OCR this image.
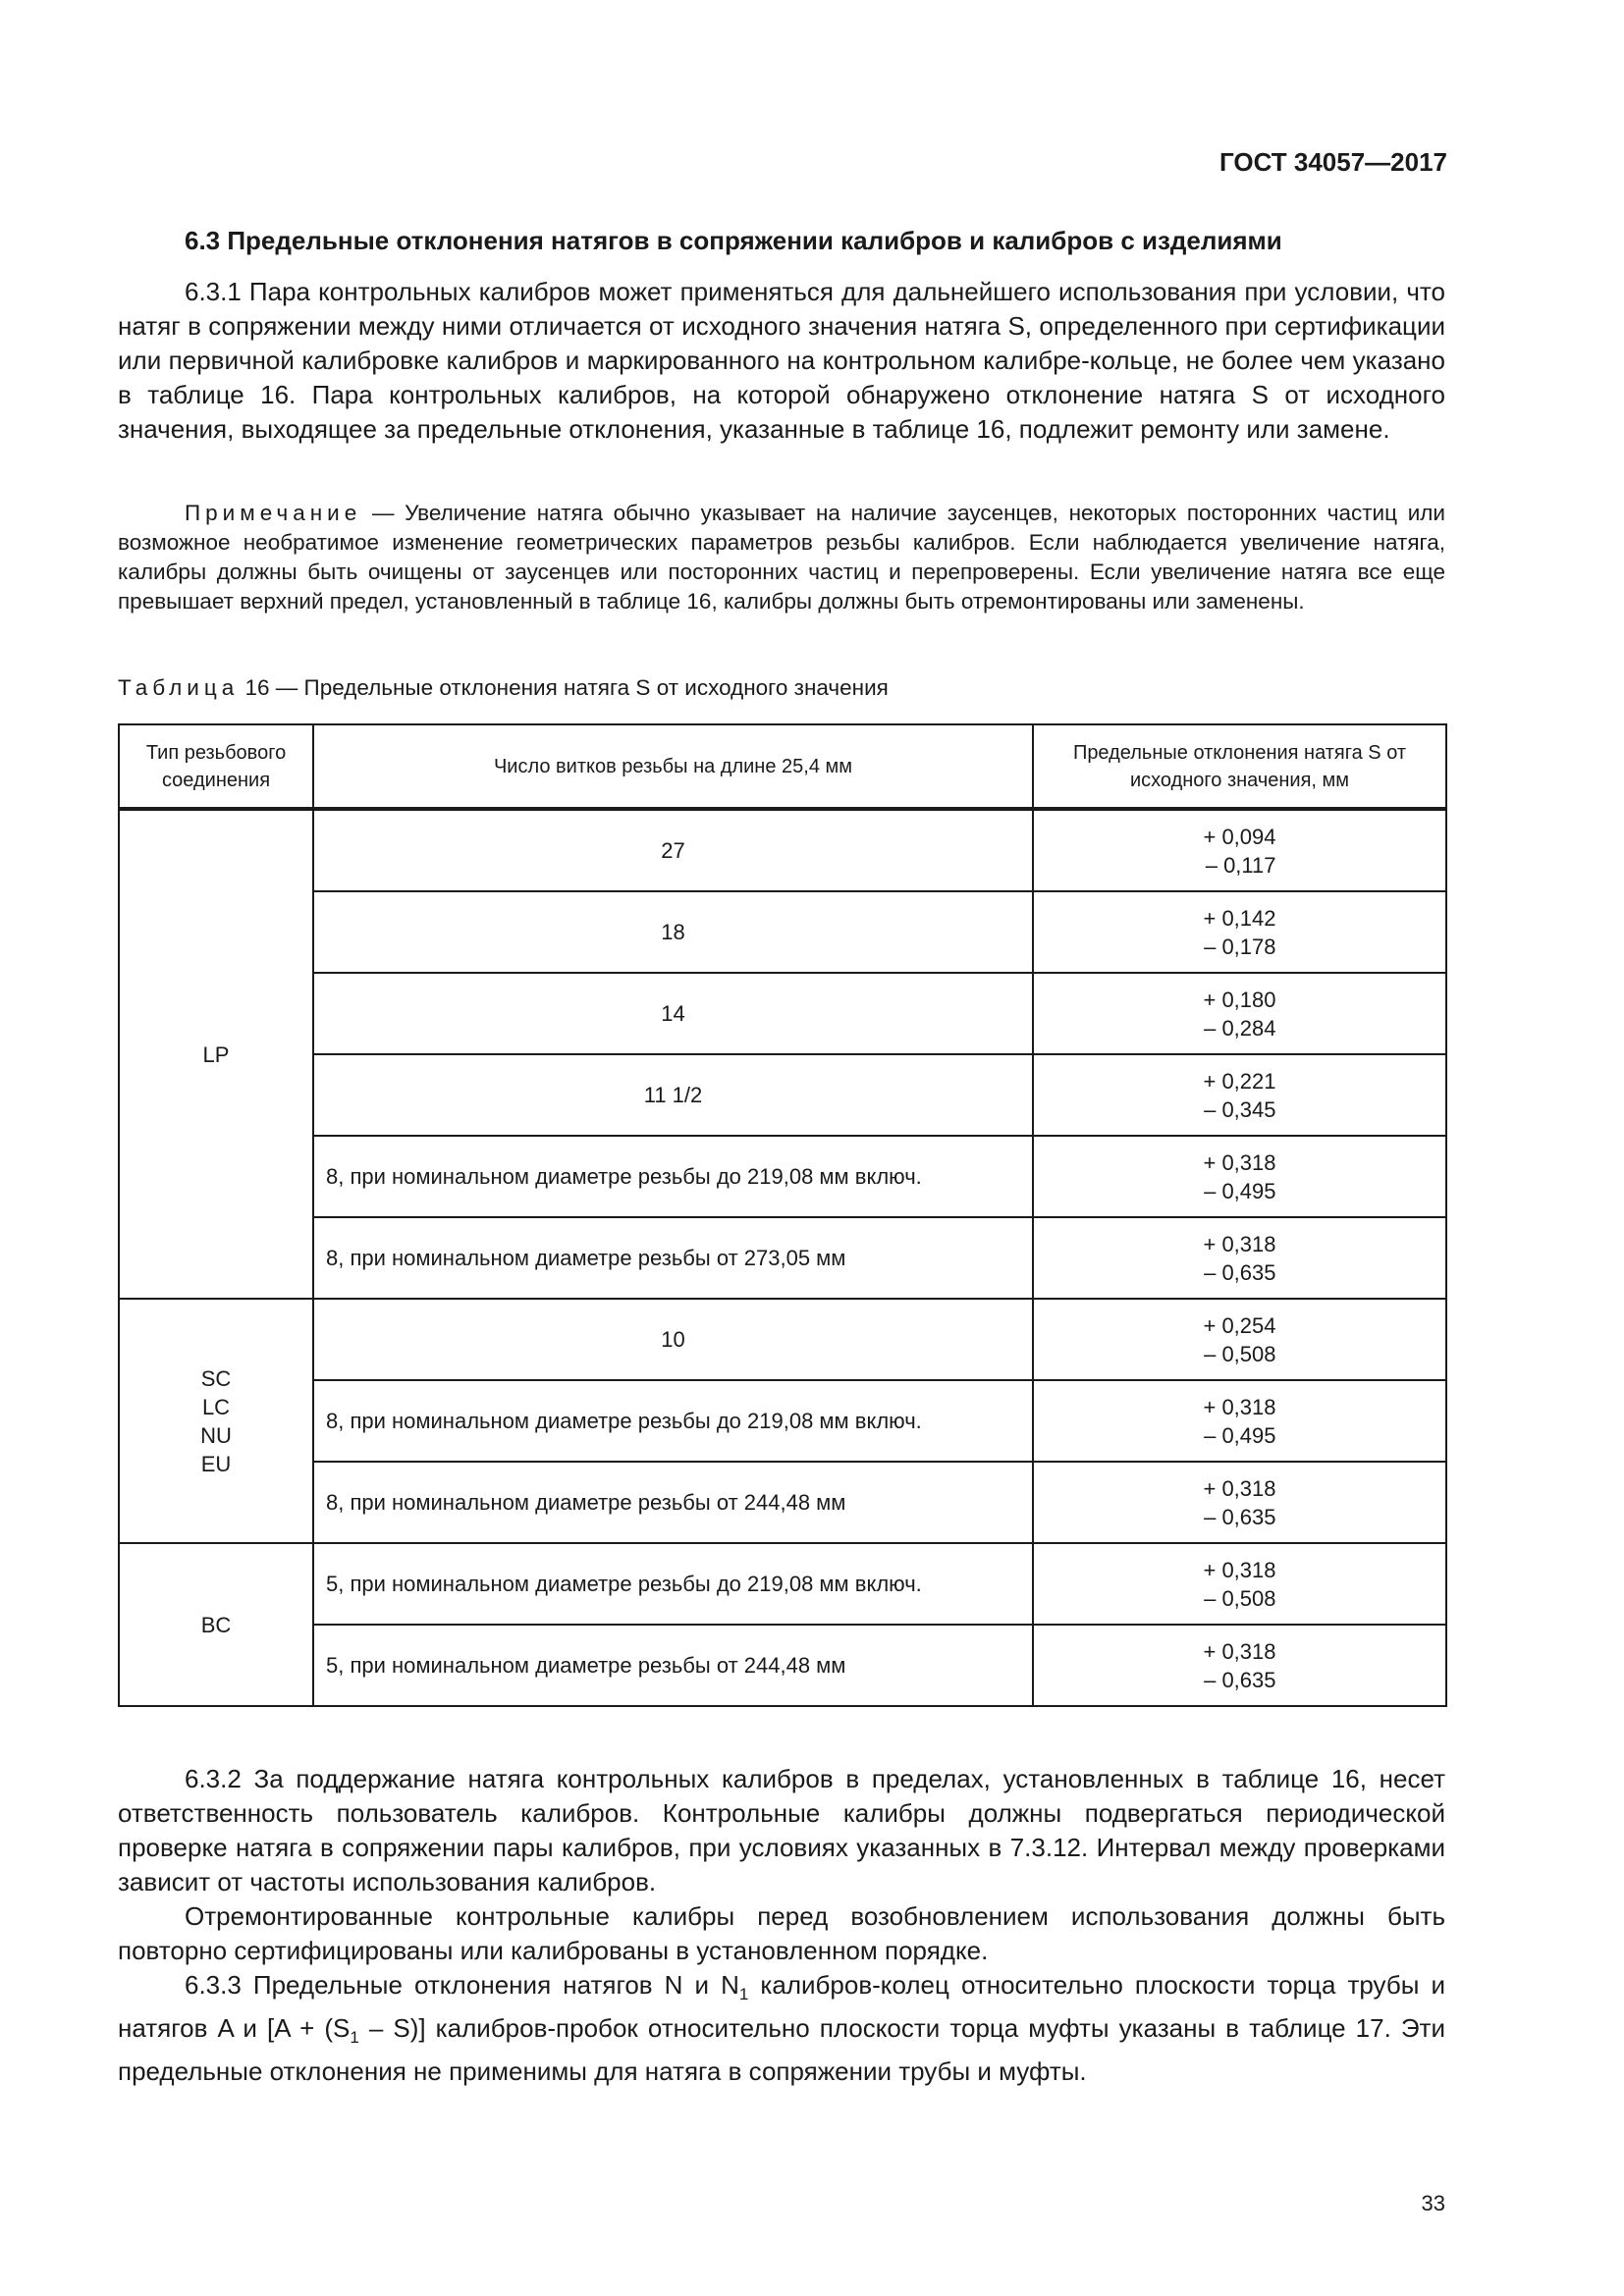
ГОСТ 34057—2017
6.3 Предельные отклонения натягов в сопряжении калибров и калибров с изделиями

6.3.1 Пара контрольных калибров может применяться для дальнейшего использования при условии, что натяг в сопряжении между ними отличается от исходного значения натяга S, определенного при сертификации или первичной калибровке калибров и маркированного на контрольном калибре-кольце, не более чем указано в таблице 16. Пара контрольных калибров, на которой обнаружено отклонение натяга S от исходного значения, выходящее за предельные отклонения, указанные в таблице 16, подлежит ремонту или замене.

Примечание — Увеличение натяга обычно указывает на наличие заусенцев, некоторых посторонних частиц или возможное необратимое изменение геометрических параметров резьбы калибров. Если наблюдается увеличение натяга, калибры должны быть очищены от заусенцев или посторонних частиц и перепроверены. Если увеличение натяга все еще превышает верхний предел, установленный в таблице 16, калибры должны быть отремонтированы или заменены.

Таблица 16 — Предельные отклонения натяга S от исходного значения
Тип резьбового соединения	Число витков резьбы на длине 25,4 мм	Предельные отклонения натяга S от исходного значения, мм

LP	27	+ 0,094
– 0,117

	18	+ 0,142
– 0,178

	14	+ 0,180
– 0,284

	11 1/2	+ 0,221
– 0,345

	8, при номинальном диаметре резьбы до 219,08 мм включ.	+ 0,318
– 0,495

	8, при номинальном диаметре резьбы от 273,05 мм	+ 0,318
– 0,635

SC
LC
NU
EU	10	+ 0,254
– 0,508

	8, при номинальном диаметре резьбы до 219,08 мм включ.	+ 0,318
– 0,495

	8, при номинальном диаметре резьбы от 244,48 мм	+ 0,318
– 0,635

BC	5, при номинальном диаметре резьбы до 219,08 мм включ.	+ 0,318
– 0,508

	5, при номинальном диаметре резьбы от 244,48 мм	+ 0,318
– 0,635

6.3.2 За поддержание натяга контрольных калибров в пределах, установленных в таблице 16, несет ответственность пользователь калибров. Контрольные калибры должны подвергаться периодической проверке натяга в сопряжении пары калибров, при условиях указанных в 7.3.12. Интервал между проверками зависит от частоты использования калибров.

Отремонтированные контрольные калибры перед возобновлением использования должны быть повторно сертифицированы или калиброваны в установленном порядке.

6.3.3 Предельные отклонения натягов N и $N_1$ калибров-колец относительно плоскости торца трубы и натягов A и $[A + (S_1 - S)]$ калибров-пробок относительно плоскости торца муфты указаны в таблице 17. Эти предельные отклонения не применимы для натяга в сопряжении трубы и муфты.

33
